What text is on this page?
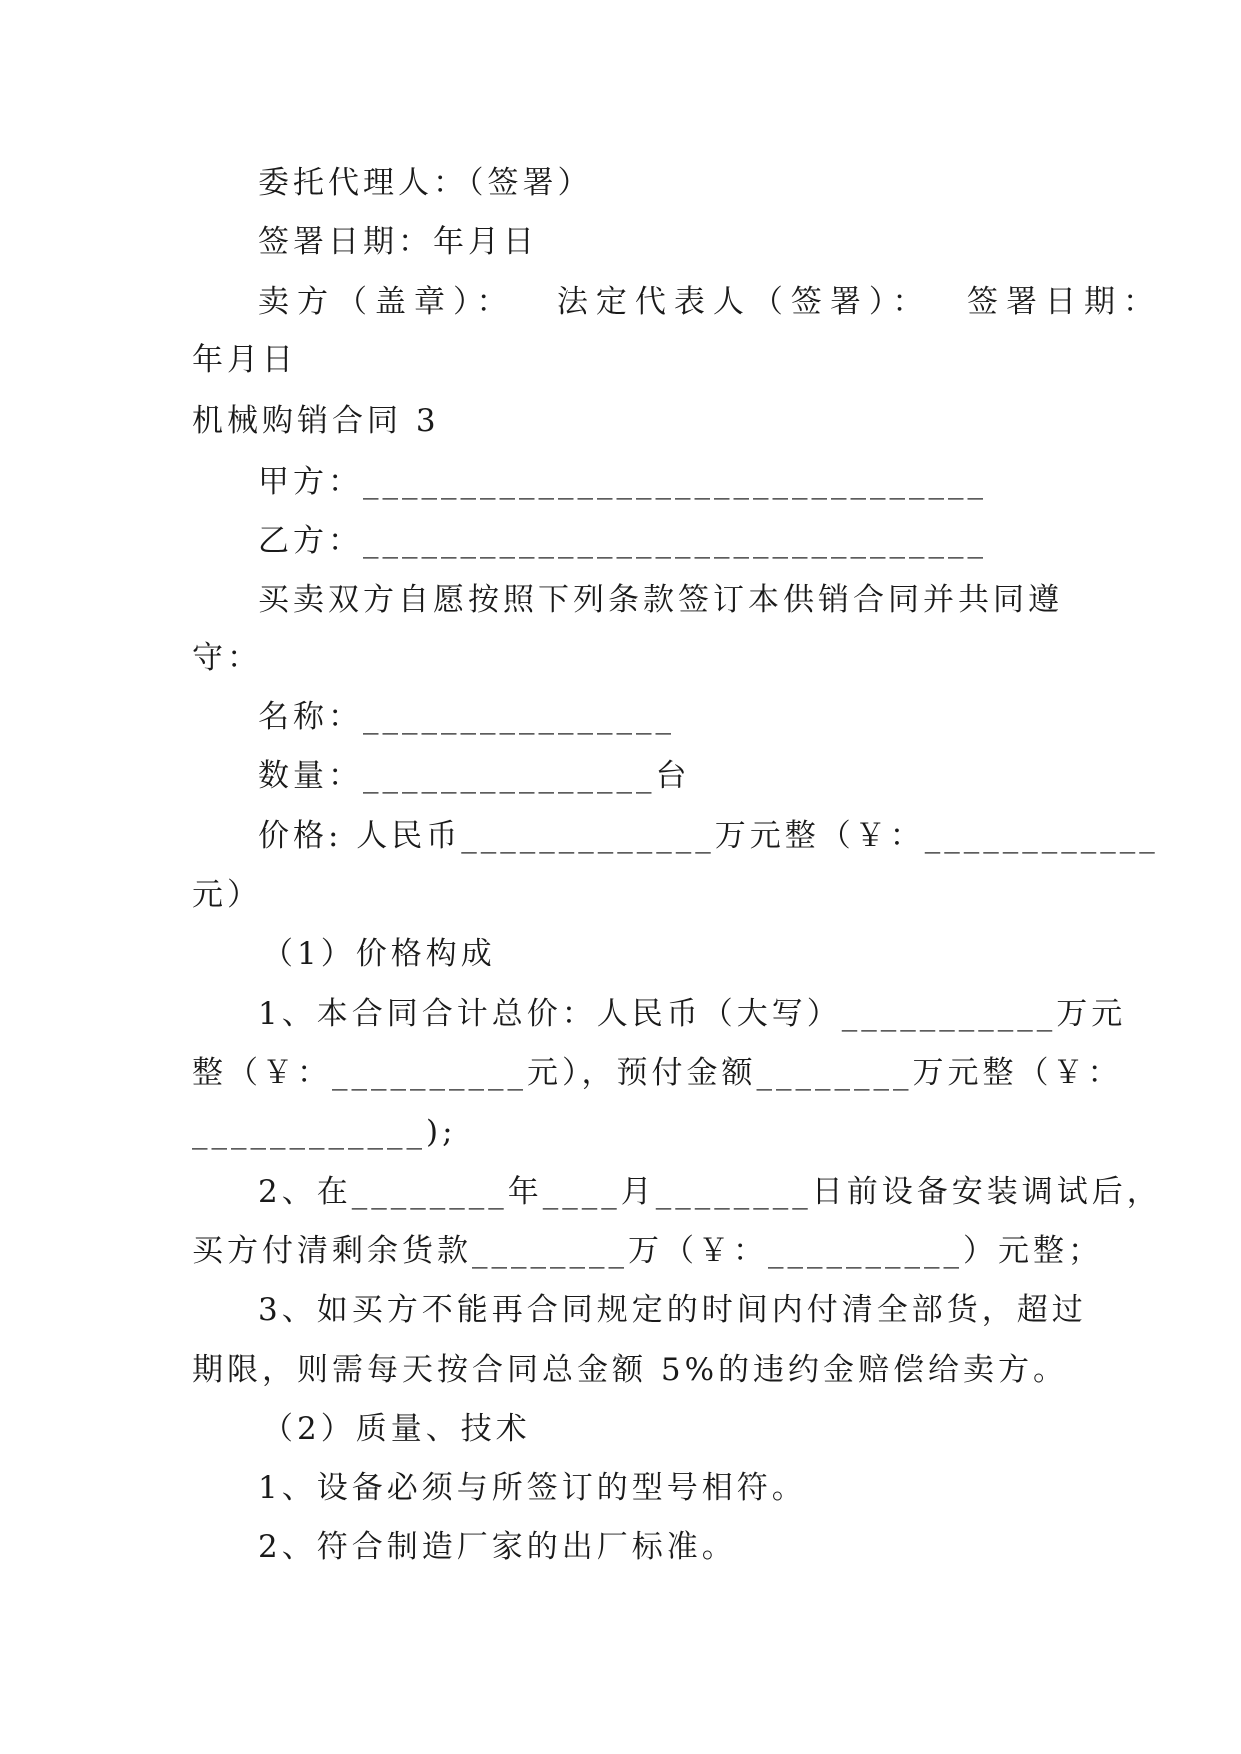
委托代理人：（签署）
签署日期：年月日
卖方（盖章）：　 法定代表人（签署）：  签署日期：
年月日
机械购销合同 3
甲方：________________________________
乙方：________________________________
买卖双方自愿按照下列条款签订本供销合同并共同遵
守：
名称：________________
数量：_______________台
价格: 人民币_____________万元整（￥：____________
元）
（1）价格构成
1、本合同合计总价：人民币（大写）___________万元
整（￥：__________元），预付金额________万元整（￥：
____________);
2、在________年____月________日前设备安装调试后，
买方付清剩余货款________万（￥：__________）元整；
3、如买方不能再合同规定的时间内付清全部货，超过
期限，则需每天按合同总金额 5%的违约金赔偿给卖方。
（2）质量、技术
1、设备必须与所签订的型号相符。
2、符合制造厂家的出厂标准。
